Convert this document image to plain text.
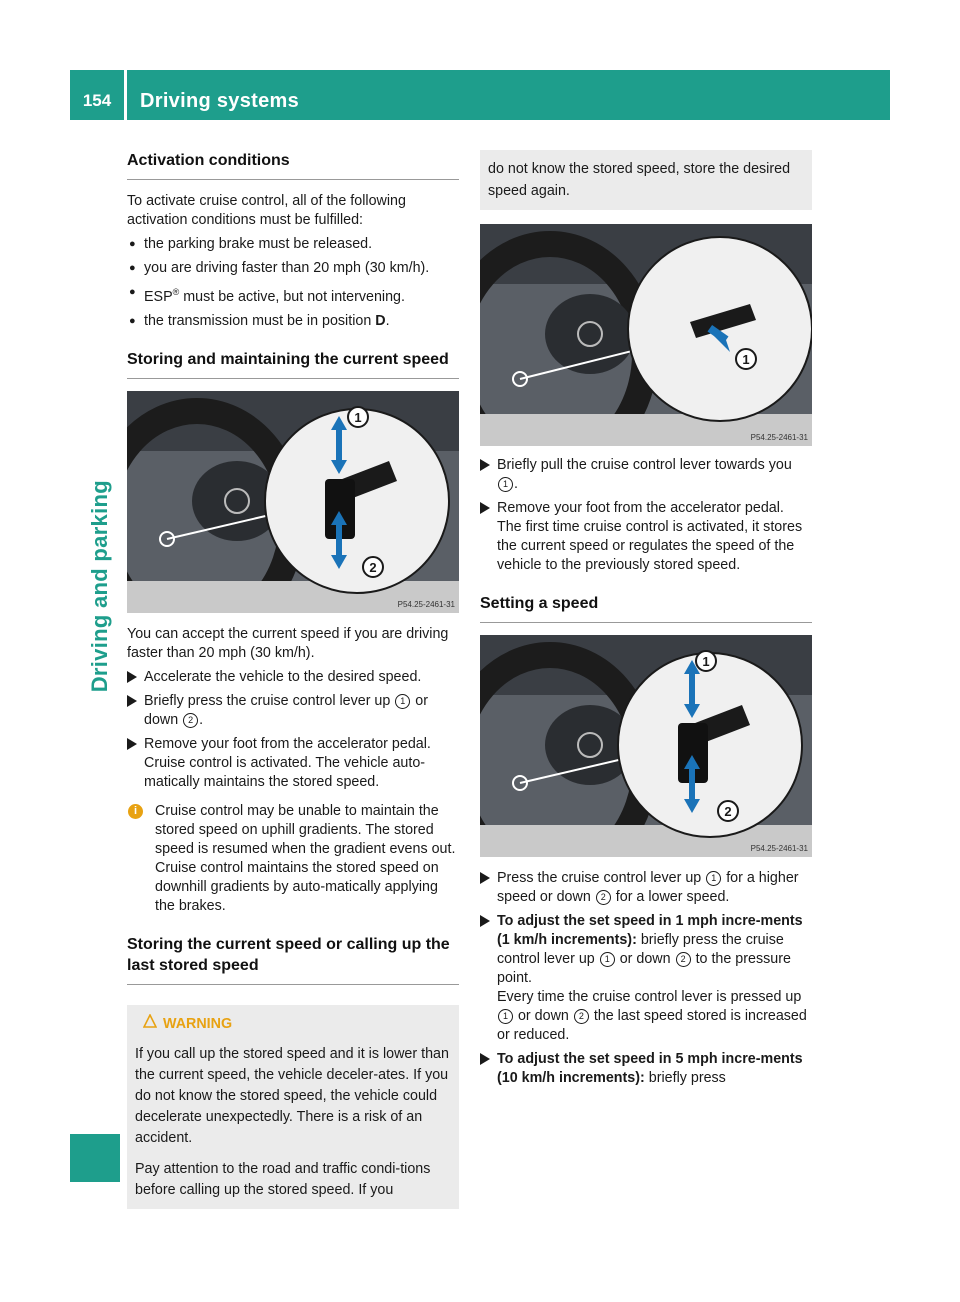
154	Driving systems
Driving and parking
Activation conditions

To activate cruise control, all of the following activation conditions must be fulfilled:

● the parking brake must be released.
● you are driving faster than 20 mph (30 km/h).
● ESP® must be active, but not intervening.
● the transmission must be in position D.
Storing and maintaining the current speed
1
2
P54.25-2461-31

You can accept the current speed if you are driving faster than 20 mph (30 km/h).

Accelerate the vehicle to the desired speed.
Briefly press the cruise control lever up 1 or down 2 .
Remove your foot from the accelerator pedal. Cruise control is activated. The vehicle auto-matically maintains the stored speed.
i	Cruise control may be unable to maintain the stored speed on uphill gradients. The stored speed is resumed when the gradient evens out. Cruise control maintains the stored speed on downhill gradients by auto-matically applying the brakes.
Storing the current speed or calling up the last stored speed
WARNING

If you call up the stored speed and it is lower than the current speed, the vehicle deceler-ates. If you do not know the stored speed, the vehicle could decelerate unexpectedly. There is a risk of an accident.

Pay attention to the road and traffic condi-tions before calling up the stored speed. If you

do not know the stored speed, store the desired speed again.
1
P54.25-2461-31
Briefly pull the cruise control lever towards you 1 .
Remove your foot from the accelerator pedal. The first time cruise control is activated, it stores the current speed or regulates the speed of the vehicle to the previously stored speed.
Setting a speed
1
2
P54.25-2461-31
Press the cruise control lever up 1 for a higher speed or down 2 for a lower speed.
To adjust the set speed in 1 mph incre-ments (1 km/h increments): briefly press the cruise control lever up 1 or down 2 to the pressure point.
Every time the cruise control lever is pressed up 1 or down 2 the last speed stored is increased or reduced.
To adjust the set speed in 5 mph incre-ments (10 km/h increments): briefly press
